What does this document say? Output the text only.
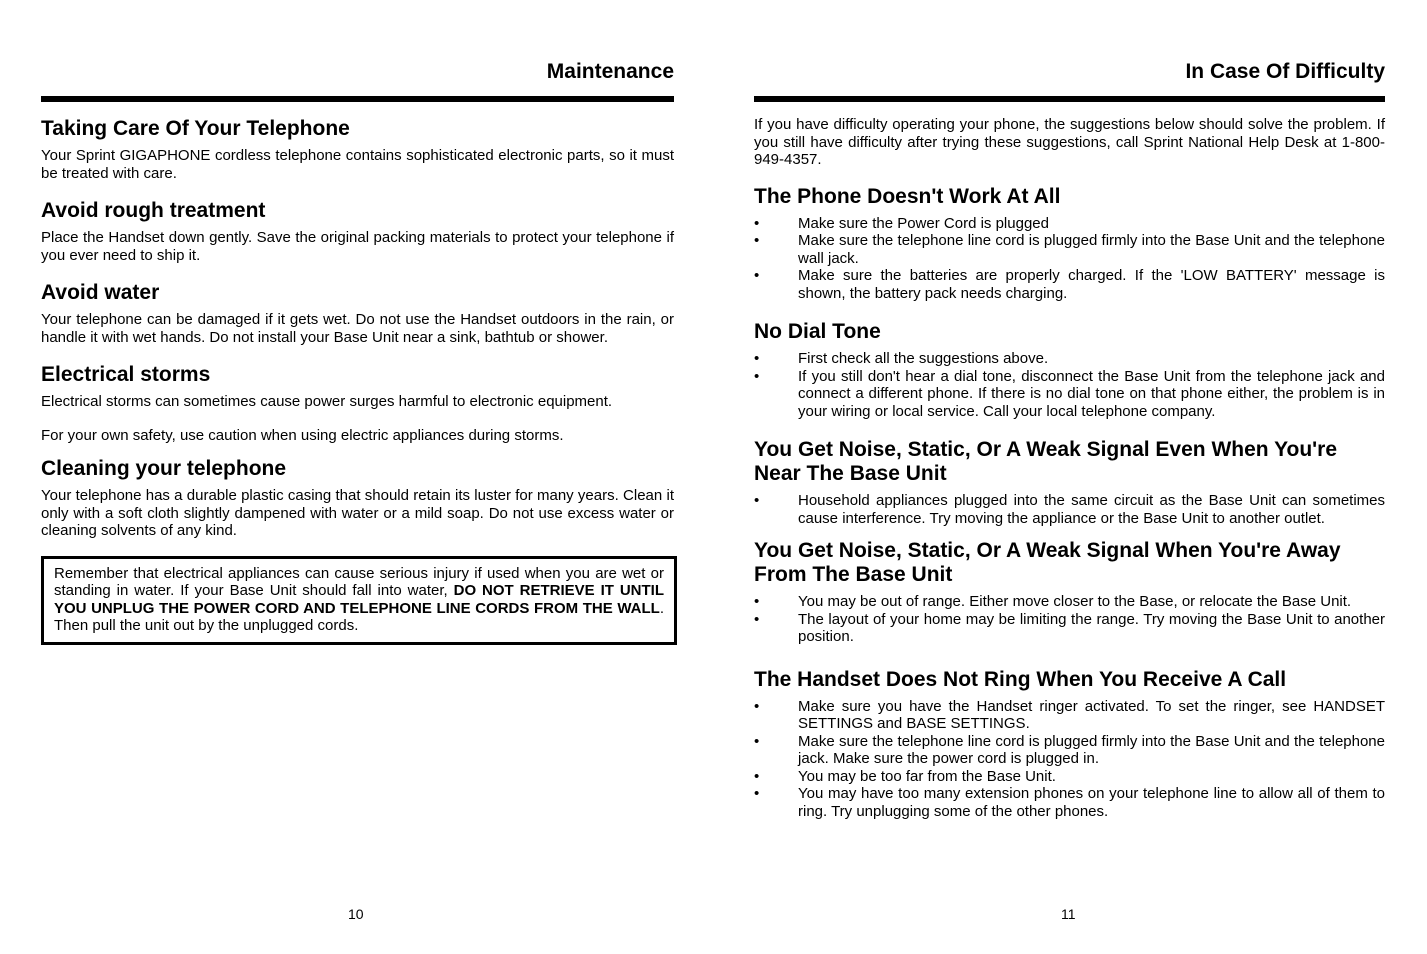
Maintenance
Taking Care Of Your Telephone

Your Sprint GIGAPHONE cordless telephone contains sophisticated electronic parts, so it must be treated with care.

Avoid rough treatment

Place the Handset down gently. Save the original packing materials to protect your telephone if you ever need to ship it.

Avoid water

Your telephone can be damaged if it gets wet. Do not use the Handset outdoors in the rain, or handle it with wet hands. Do not install your Base Unit near a sink, bathtub or shower.

Electrical storms

Electrical storms can sometimes cause power surges harmful to electronic equipment.

For your own safety, use caution when using electric appliances during storms.

Cleaning your telephone

Your telephone has a durable plastic casing that should retain its luster for many years. Clean it only with a soft cloth slightly dampened with water or a mild soap. Do not use excess water or cleaning solvents of any kind.

Remember that electrical appliances can cause serious injury if used when you are wet or standing in water. If your Base Unit should fall into water, DO NOT RETRIEVE IT UNTIL YOU UNPLUG THE POWER CORD AND TELEPHONE LINE CORDS FROM THE WALL. Then pull the unit out by the unplugged cords.
10
In Case Of Difficulty

If you have difficulty operating your phone, the suggestions below should solve the problem. If you still have difficulty after trying these suggestions, call Sprint National Help Desk at 1-800-949-4357.

The Phone Doesn't Work At All
•	Make sure the Power Cord is plugged
•	Make sure the telephone line cord is plugged firmly into the Base Unit and the telephone wall jack.
•	Make sure the batteries are properly charged. If the 'LOW BATTERY' message is shown, the battery pack needs charging.
No Dial Tone
•	First check all the suggestions above.
•	If you still don't hear a dial tone, disconnect the Base Unit from the telephone jack and connect a different phone. If there is no dial tone on that phone either, the problem is in your wiring or local service. Call your local telephone company.
You Get Noise, Static, Or A Weak Signal Even When You're Near The Base Unit
•	Household appliances plugged into the same circuit as the Base Unit can sometimes cause interference. Try moving the appliance or the Base Unit to another outlet.
You Get Noise, Static, Or A Weak Signal When You're Away From The Base Unit
•	You may be out of range. Either move closer to the Base, or relocate the Base Unit.
•	The layout of your home may be limiting the range. Try moving the Base Unit to another position.
The Handset Does Not Ring When You Receive A Call
•	Make sure you have the Handset ringer activated. To set the ringer, see HANDSET SETTINGS and BASE SETTINGS.
•	Make sure the telephone line cord is plugged firmly into the Base Unit and the telephone jack. Make sure the power cord is plugged in.
•	You may be too far from the Base Unit.
•	You may have too many extension phones on your telephone line to allow all of them to ring. Try unplugging some of the other phones.
11
